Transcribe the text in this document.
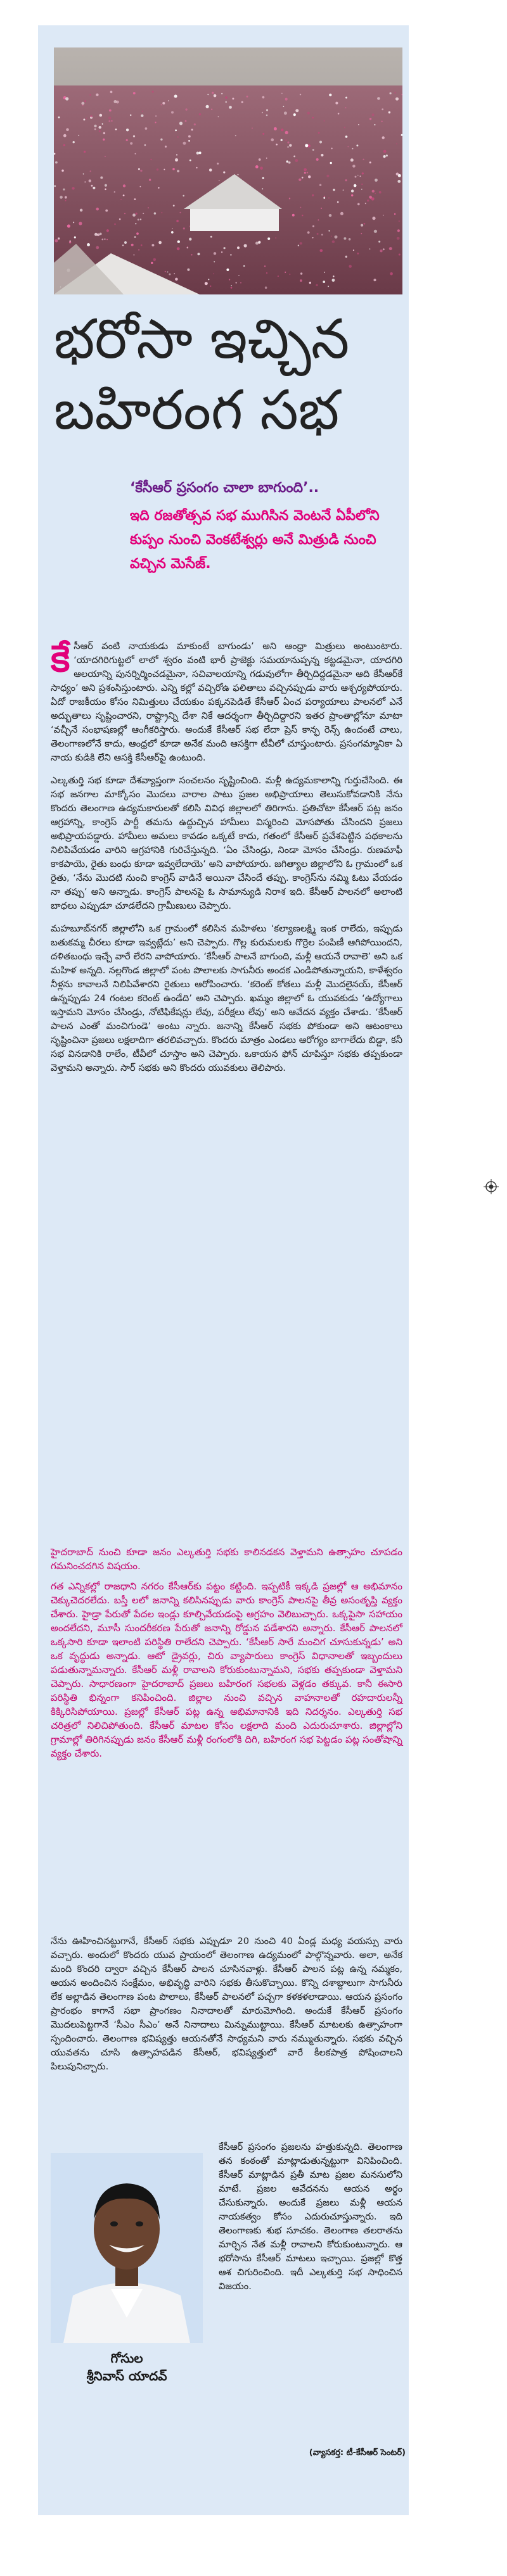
భరోసా ఇచ్చిన
బహిరంగ సభ

‘కేసీఆర్ ప్రసంగం చాలా బాగుంది’..

ఇది రజతోత్సవ సభ ముగిసిన వెంటనే ఏపీలోని కుప్పం నుంచి వెంకటేశ్వర్లు అనే మిత్రుడి నుంచి వచ్చిన మెసేజ్.

కే సీఆర్ వంటి నాయకుడు మాకుంటే బాగుండు’ అని ఆంధ్రా మిత్రులు అంటుంటారు. ‘యాదగిరిగుట్టలో లాలో శ్వరం వంటి భారీ ప్రాజెక్టు సమయానుప్పన్న కట్టడమైనా, యాదగిరి ఆలయాన్ని పునర్నిర్మించడమైనా, సచివాలయాన్ని గడువులోగా తీర్చిదిద్దడమైనా ఆది కేసీఆర్‌కే సాధ్యం’ అని ప్రశంసిస్తుంటారు. ఎన్ని కల్లో వచ్చిరోఉ ఫలితాలు వచ్చినప్పుడు వారు ఆశ్చర్యపోయారు. ఏదో రాజకీయం కోసం నిమిత్తులు చేయకుం పక్కనపెడితే కేసీఆర్ ఏంచ పర్యాయాలు పాలనలో ఎనే అద్భుతాలు సృష్టించారని, రాష్ట్రాన్ని దేశా నికే ఆదర్శంగా తీర్చిదిద్దారని ఇతర ప్రాంతాల్లోనూ మాటా ‘వచ్చీనే సంభాషణల్లో ఆంగీకరిస్తారు. అందుకే కేసీఆర్ సభ లేదా ప్రెస్ కాన్ఫ రెన్స్ ఉందంటే చాలు, తెలంగాణలోనే కాదు, ఆంధ్రలో కూడా అనేక మంది ఆసక్తిగా టీవీలో చూస్తుంటారు. ప్రసంగమ్మానికా ఏ నాయ కుడికి లేని ఆసక్తి కేసీఆర్‌పై ఉంటుంది.

ఎల్కతుర్తి సభ కూడా దేశవ్యాప్తంగా సంచలనం సృష్టించింది. మళ్లీ ఉద్యమకాలాన్ని గుర్తుచేసింది. ఈ సభ జనగాల మాక్కోసం మొదలు వారాల పాటు ప్రజల అభిప్రాయాలు తెలుసుకోవడానికి నేను కొందరు తెలంగాణ ఉద్యమకారులతో కలిసి వివిధ జిల్లాలలో తిరిగాను. ప్రతిచోటా కేసీఆర్ పట్ల జనం ఆగ్రహాన్ని, కాంగ్రెస్ పార్టీ తమను ఉద్దుచ్చిన హామీలు విస్మరించి మోసపోతు చేసిందని ప్రజలు అభిప్రాయపడ్డారు. హామీలు అమలు కావడం ఒక్కటే కాదు, గతంలో కేసీఆర్ ప్రవేశపెట్టిన పథకాలను నిలిపివేయడం వారిని ఆగ్రహానికి గురిచేస్తున్నది. ‘ఏం చేసిండ్రు, నిండా మోసం చేసిండ్రు. రుణమాఫీ కాకపాయె, రైతు బంధు కూడా ఇవ్వలేదాయె’ అని వాపోయారు. జగిత్యాల జిల్లాలోని ఓ గ్రామంలో ఒక రైతు, ‘నేను మొదటి నుంచి కాంగ్రెస్ వాడినే అయినా చేసిందే తప్పు. కాంగ్రెస్‌ను నమ్మి ఓటు వేయడం నా తప్పు’ అని అన్నాడు. కాంగ్రెస్ పాలనపై ఓ సామాన్యుడి నిరాశ ఇది. కేసీఆర్ పాలనలో అలాంటి బాధలు ఎప్పుడూ చూడలేదని గ్రామీణులు చెప్పారు.

మహబూబ్‌నగర్ జిల్లాలోని ఒక గ్రామంలో కలిసిన మహిళలు ‘కల్యాణలక్ష్మి ఇంక రాలేదు, ఇప్పుడు బతుకమ్మ చీరలు కూడా ఇవ్వట్లేదు’ అని చెప్పారు. గొల్ల కురుమలకు గొర్రెల పంపిణీ ఆగిపోయిందని, దళితబంధు ఇచ్చే వారే లేరని వాపోయారు. ‘కేసీఆర్ పాలనే బాగుంది, మళ్లీ ఆయనే రావాలె’ అని ఒక మహిళ అన్నది. నల్లగొండ జిల్లాలో పంట పొలాలకు సాగునీరు అందక ఎండిపోతున్నాయని, కాళేశ్వరం నీళ్లను కావాలనే నిలిపివేశారని రైతులు ఆరోపించారు. ‘కరెంట్ కోతలు మళ్లీ మొదలైనయ్, కేసీఆర్ ఉన్నప్పుడు 24 గంటల కరెంట్ ఉండేది’ అని చెప్పారు. ఖమ్మం జిల్లాలో ఓ యువకుడు ‘ఉద్యోగాలు ఇస్తామని మోసం చేసిండ్రు, నోటిఫికేషన్లు లేవు, పరీక్షలు లేవు’ అని ఆవేదన వ్యక్తం చేశాడు. ‘కేసీఆర్ పాలన ఎంతో మంచిగుండె’ అంటు న్నారు. జనాన్ని కేసీఆర్ సభకు పోకుండా అని ఆటంకాలు సృష్టించినా ప్రజలు లక్షలాదిగా తరలివచ్చారు. కొందరు మాత్రం ఎండలు ఆరోగ్యం బాగాలేదు బిడ్డా, కనీ సభ వినడానికి రాలేం, టీవీలో చూస్తాం అని చెప్పారు. ఒకాయన ఫోన్ చూపిస్తూ సభకు తప్పకుండా వెళ్తామని అన్నారు. సార్ సభకు అని కొందరు యువకులు తెలిపారు.

హైదరాబాద్ నుంచి కూడా జనం ఎల్కతుర్తి సభకు కాలినడకన వెళ్తామని ఉత్సాహం చూపడం గమనించదగిన విషయం.

గత ఎన్నికల్లో రాజధాని నగరం కేసీఆర్‌కు పట్టం కట్టింది. ఇప్పటికీ ఇక్కడి ప్రజల్లో ఆ అభిమానం చెక్కుచెదరలేదు. బస్తీ లలో జనాన్ని కలిసినప్పుడు వారు కాంగ్రెస్ పాలనపై తీవ్ర అసంతృప్తి వ్యక్తం చేశారు. హైడ్రా పేరుతో పేదల ఇండ్లు కూల్చివేయడంపై ఆగ్రహం వెలిబుచ్చారు. ఒక్కపైసా సహాయం అందలేదని, మూసీ సుందరీకరణ పేరుతో జనాన్ని రోడ్డున పడేశారని అన్నారు. కేసీఆర్ పాలనలో ఒక్కసారి కూడా ఇలాంటి పరిస్థితి రాలేదని చెప్పారు. ‘కేసీఆర్ సారే మంచిగ చూసుకున్నడు’ అని ఒక వృద్ధుడు అన్నాడు. ఆటో డ్రైవర్లు, చిరు వ్యాపారులు కాంగ్రెస్ విధానాలతో ఇబ్బందులు పడుతున్నామన్నారు. కేసీఆర్ మళ్లీ రావాలని కోరుకుంటున్నామని, సభకు తప్పకుండా వెళ్తామని చెప్పారు. సాధారణంగా హైదరాబాద్ ప్రజలు బహిరంగ సభలకు వెళ్లడం తక్కువ. కానీ ఈసారి పరిస్థితి భిన్నంగా కనిపించింది. జిల్లాల నుంచి వచ్చిన వాహనాలతో రహదారులన్నీ కిక్కిరిసిపోయాయి. ప్రజల్లో కేసీఆర్ పట్ల ఉన్న అభిమానానికి ఇది నిదర్శనం. ఎల్కతుర్తి సభ చరిత్రలో నిలిచిపోతుంది. కేసీఆర్ మాటల కోసం లక్షలాది మంది ఎదురుచూశారు. జిల్లాల్లోని గ్రామాల్లో తిరిగినప్పుడు జనం కేసీఆర్ మళ్లీ రంగంలోకి దిగి, బహిరంగ సభ పెట్టడం పట్ల సంతోషాన్ని వ్యక్తం చేశారు.

నేను ఊహించినట్టుగానే, కేసీఆర్ సభకు ఎప్పుడూ 20 నుంచి 40 ఏండ్ల మధ్య వయస్సు వారు వచ్చారు. అందులో కొందరు యువ ప్రాయంలో తెలంగాణ ఉద్యమంలో పాల్గొన్నవారు. అలా, అనేక మంది కొందరి ద్వారా వచ్చిన కేసీఆర్ పాలన చూసినవాళ్లు. కేసీఆర్ పాలన పట్ల ఉన్న నమ్మకం, ఆయన అందించిన సంక్షేమం, అభివృద్ధి వారిని సభకు తీసుకొచ్చాయి. కొన్ని దశాబ్దాలుగా సాగునీరు లేక అల్లాడిన తెలంగాణ పంట పొలాలు, కేసీఆర్ పాలనలో పచ్చగా కళకళలాడాయి. ఆయన ప్రసంగం ప్రారంభం కాగానే సభా ప్రాంగణం నినాదాలతో మారుమోగింది. అందుకే కేసీఆర్ ప్రసంగం మొదలుపెట్టగానే ‘సీఎం సీఎం’ అనే నినాదాలు మిన్నుముట్టాయి. కేసీఆర్ మాటలకు ఉత్సాహంగా స్పందించారు. తెలంగాణ భవిష్యత్తు ఆయనతోనే సాధ్యమని వారు నమ్ముతున్నారు. సభకు వచ్చిన యువతను చూసి ఉత్సాహపడిన కేసీఆర్, భవిష్యత్తులో వారే కీలకపాత్ర పోషించాలని పిలుపునిచ్చారు.

గోసుల
శ్రీనివాస్ యాదవ్

కేసీఆర్ ప్రసంగం ప్రజలను హత్తుకున్నది. తెలంగాణ తన కంఠంతో మాట్లాడుతున్నట్టుగా వినిపించింది. కేసీఆర్ మాట్లాడిన ప్రతీ మాట ప్రజల మనసులోని మాటే. ప్రజల ఆవేదనను ఆయన అర్థం చేసుకున్నారు. అందుకే ప్రజలు మళ్లీ ఆయన నాయకత్వం కోసం ఎదురుచూస్తున్నారు. ఇది తెలంగాణకు శుభ సూచకం. తెలంగాణ తలరాతను మార్చిన నేత మళ్లీ రావాలని కోరుకుంటున్నారు. ఆ భరోసాను కేసీఆర్ మాటలు ఇచ్చాయి. ప్రజల్లో కొత్త ఆశ చిగురించింది. ఇదీ ఎల్కతుర్తి సభ సాధించిన విజయం.

(వ్యాసకర్త: టీ-కేసీఆర్ సెంటర్)
